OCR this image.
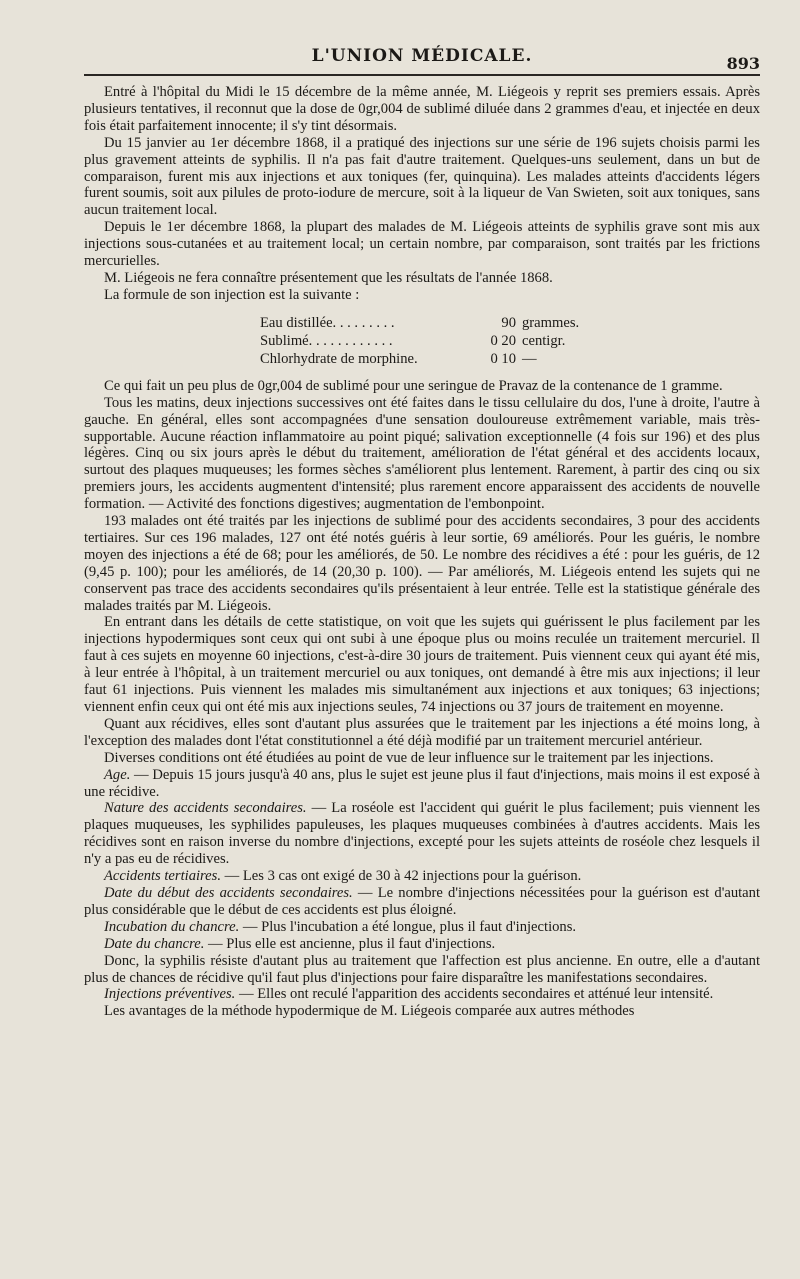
L'UNION MÉDICALE.	893

Entré à l'hôpital du Midi le 15 décembre de la même année, M. Liégeois y reprit ses premiers essais. Après plusieurs tentatives, il reconnut que la dose de 0gr,004 de sublimé diluée dans 2 grammes d'eau, et injectée en deux fois était parfaitement innocente; il s'y tint désormais.

Du 15 janvier au 1er décembre 1868, il a pratiqué des injections sur une série de 196 sujets choisis parmi les plus gravement atteints de syphilis. Il n'a pas fait d'autre traitement. Quelques-uns seulement, dans un but de comparaison, furent mis aux injections et aux toniques (fer, quinquina). Les malades atteints d'accidents légers furent soumis, soit aux pilules de proto-iodure de mercure, soit à la liqueur de Van Swieten, soit aux toniques, sans aucun traitement local.

Depuis le 1er décembre 1868, la plupart des malades de M. Liégeois atteints de syphilis grave sont mis aux injections sous-cutanées et au traitement local; un certain nombre, par comparaison, sont traités par les frictions mercurielles.

M. Liégeois ne fera connaître présentement que les résultats de l'année 1868.

La formule de son injection est la suivante :

Eau distillée. . . . . . . . .	90 grammes.
Sublimé. . . . . . . . . . . .	0 20 centigr.
Chlorhydrate de morphine.	0 10 —

Ce qui fait un peu plus de 0gr,004 de sublimé pour une seringue de Pravaz de la contenance de 1 gramme.

Tous les matins, deux injections successives ont été faites dans le tissu cellulaire du dos, l'une à droite, l'autre à gauche. En général, elles sont accompagnées d'une sensation douloureuse extrêmement variable, mais très-supportable. Aucune réaction inflammatoire au point piqué; salivation exceptionnelle (4 fois sur 196) et des plus légères. Cinq ou six jours après le début du traitement, amélioration de l'état général et des accidents locaux, surtout des plaques muqueuses; les formes sèches s'améliorent plus lentement. Rarement, à partir des cinq ou six premiers jours, les accidents augmentent d'intensité; plus rarement encore apparaissent des accidents de nouvelle formation. — Activité des fonctions digestives; augmentation de l'embonpoint.

193 malades ont été traités par les injections de sublimé pour des accidents secondaires, 3 pour des accidents tertiaires. Sur ces 196 malades, 127 ont été notés guéris à leur sortie, 69 améliorés. Pour les guéris, le nombre moyen des injections a été de 68; pour les améliorés, de 50. Le nombre des récidives a été : pour les guéris, de 12 (9,45 p. 100); pour les améliorés, de 14 (20,30 p. 100). — Par améliorés, M. Liégeois entend les sujets qui ne conservent pas trace des accidents secondaires qu'ils présentaient à leur entrée. Telle est la statistique générale des malades traités par M. Liégeois.

En entrant dans les détails de cette statistique, on voit que les sujets qui guérissent le plus facilement par les injections hypodermiques sont ceux qui ont subi à une époque plus ou moins reculée un traitement mercuriel. Il faut à ces sujets en moyenne 60 injections, c'est-à-dire 30 jours de traitement. Puis viennent ceux qui ayant été mis, à leur entrée à l'hôpital, à un traitement mercuriel ou aux toniques, ont demandé à être mis aux injections; il leur faut 61 injections. Puis viennent les malades mis simultanément aux injections et aux toniques; 63 injections; viennent enfin ceux qui ont été mis aux injections seules, 74 injections ou 37 jours de traitement en moyenne.

Quant aux récidives, elles sont d'autant plus assurées que le traitement par les injections a été moins long, à l'exception des malades dont l'état constitutionnel a été déjà modifié par un traitement mercuriel antérieur.

Diverses conditions ont été étudiées au point de vue de leur influence sur le traitement par les injections.

Age. — Depuis 15 jours jusqu'à 40 ans, plus le sujet est jeune plus il faut d'injections, mais moins il est exposé à une récidive.

Nature des accidents secondaires. — La roséole est l'accident qui guérit le plus facilement; puis viennent les plaques muqueuses, les syphilides papuleuses, les plaques muqueuses combinées à d'autres accidents. Mais les récidives sont en raison inverse du nombre d'injections, excepté pour les sujets atteints de roséole chez lesquels il n'y a pas eu de récidives.

Accidents tertiaires. — Les 3 cas ont exigé de 30 à 42 injections pour la guérison.

Date du début des accidents secondaires. — Le nombre d'injections nécessitées pour la guérison est d'autant plus considérable que le début de ces accidents est plus éloigné.

Incubation du chancre. — Plus l'incubation a été longue, plus il faut d'injections.

Date du chancre. — Plus elle est ancienne, plus il faut d'injections.

Donc, la syphilis résiste d'autant plus au traitement que l'affection est plus ancienne. En outre, elle a d'autant plus de chances de récidive qu'il faut plus d'injections pour faire disparaître les manifestations secondaires.

Injections préventives. — Elles ont reculé l'apparition des accidents secondaires et atténué leur intensité.

Les avantages de la méthode hypodermique de M. Liégeois comparée aux autres méthodes
